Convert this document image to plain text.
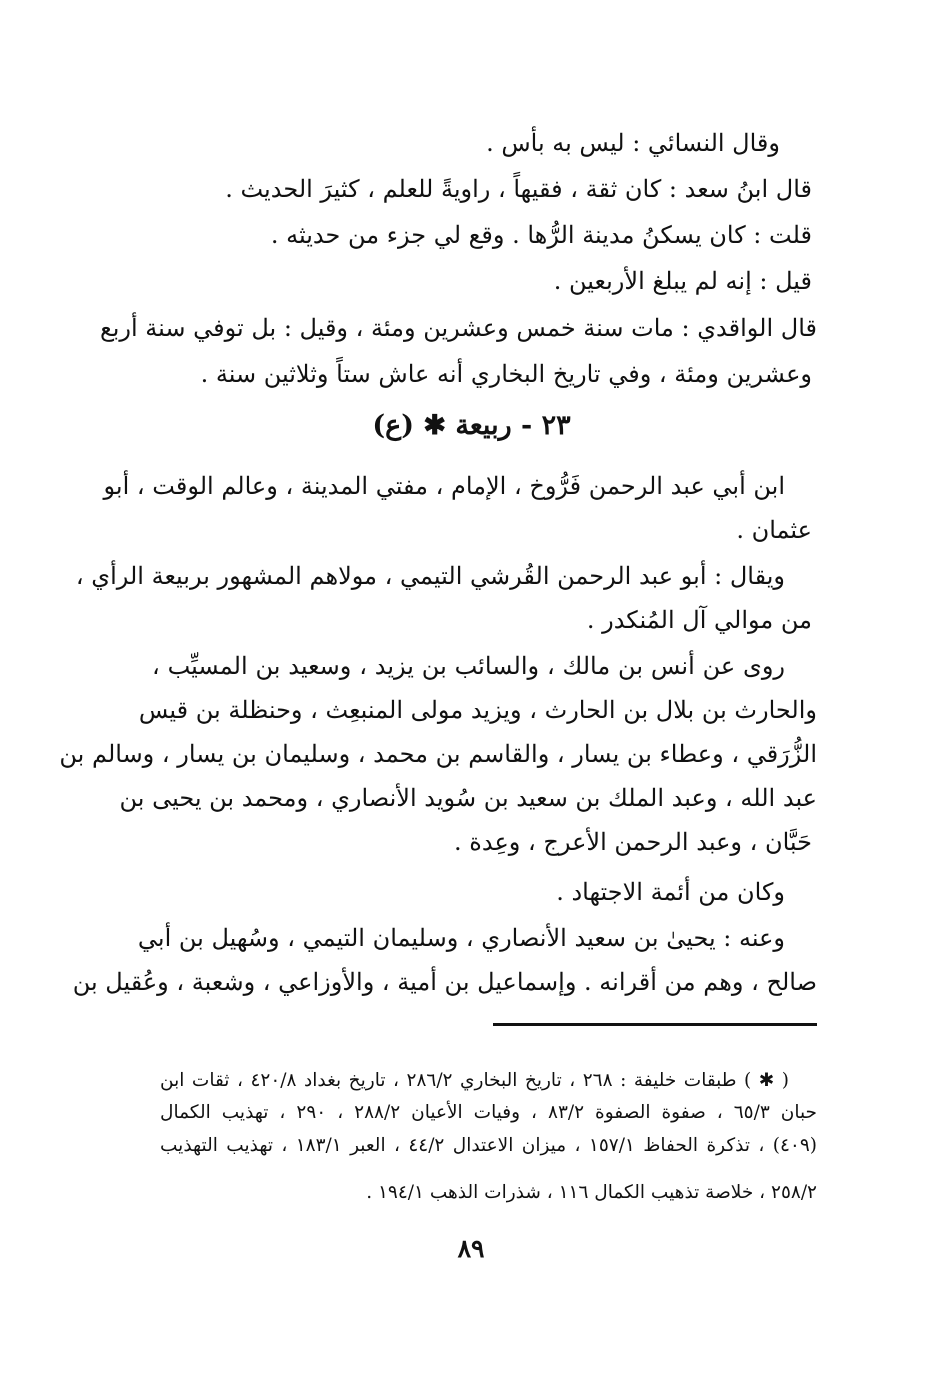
وقال النسائي : ليس به بأس .
قال ابنُ سعد : كان ثقة ، فقيهاً ، راويةً للعلم ، كثيرَ الحديث .
قلت : كان يسكنُ مدينة الرُّها . وقع لي جزء من حديثه .
قيل : إنه لم يبلغ الأربعين .
قال الواقدي : مات سنة خمس وعشرين ومئة ، وقيل : بل توفي سنة أربع
وعشرين ومئة ، وفي تاريخ البخاري أنه عاش ستاً وثلاثين سنة .
٢٣ - ربيعة ✱ (ع)
ابن أبي عبد الرحمن فَرُّوخ ، الإمام ، مفتي المدينة ، وعالم الوقت ، أبو
عثمان .
ويقال : أبو عبد الرحمن القُرشي التيمي ، مولاهم المشهور بربيعة الرأي ،
من موالي آل المُنكدر .
روى عن أنس بن مالك ، والسائب بن يزيد ، وسعيد بن المسيِّب ،
والحارث بن بلال بن الحارث ، ويزيد مولى المنبعِث ، وحنظلة بن قيس
الزُّرَقي ، وعطاء بن يسار ، والقاسم بن محمد ، وسليمان بن يسار ، وسالم بن
عبد الله ، وعبد الملك بن سعيد بن سُويد الأنصاري ، ومحمد بن يحيى بن
حَبَّان ، وعبد الرحمن الأعرج ، وعِدة .
وكان من أئمة الاجتهاد .
وعنه : يحيىٰ بن سعيد الأنصاري ، وسليمان التيمي ، وسُهيل بن أبي
صالح ، وهم من أقرانه . وإسماعيل بن أمية ، والأوزاعي ، وشعبة ، وعُقيل بن
( ✱ ) طبقات خليفة : ٢٦٨ ، تاريخ البخاري ٢٨٦/٢ ، تاريخ بغداد ٤٢٠/٨ ، ثقات ابن
حبان ٦٥/٣ ، صفوة الصفوة ٨٣/٢ ، وفيات الأعيان ٢٨٨/٢ ، ٢٩٠ ، تهذيب الكمال
(٤٠٩) ، تذكرة الحفاظ ١٥٧/١ ، ميزان الاعتدال ٤٤/٢ ، العبر ١٨٣/١ ، تهذيب التهذيب
٢٥٨/٢ ، خلاصة تذهيب الكمال ١١٦ ، شذرات الذهب ١٩٤/١ .
٨٩
